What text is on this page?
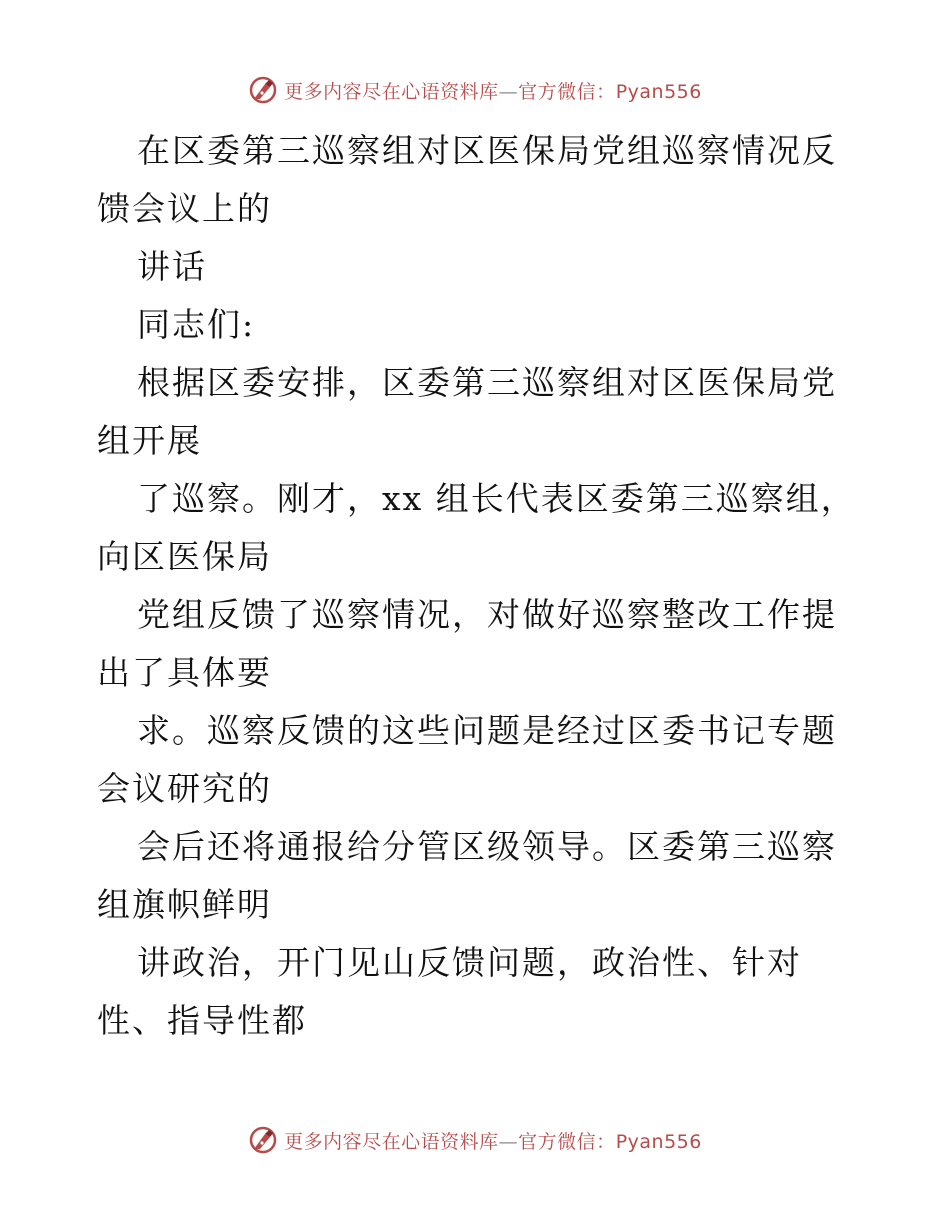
更多内容尽在心语资料库—官方微信：Pyan556

在区委第三巡察组对区医保局党组巡察情况反馈会议上的

讲话

同志们:

根据区委安排，区委第三巡察组对区医保局党组开展

了巡察。刚才，xx 组长代表区委第三巡察组，向区医保局

党组反馈了巡察情况，对做好巡察整改工作提出了具体要

求。巡察反馈的这些问题是经过区委书记专题会议研究的

会后还将通报给分管区级领导。区委第三巡察组旗帜鲜明

讲政治，开门见山反馈问题，政治性、针对性、指导性都

更多内容尽在心语资料库—官方微信：Pyan556
